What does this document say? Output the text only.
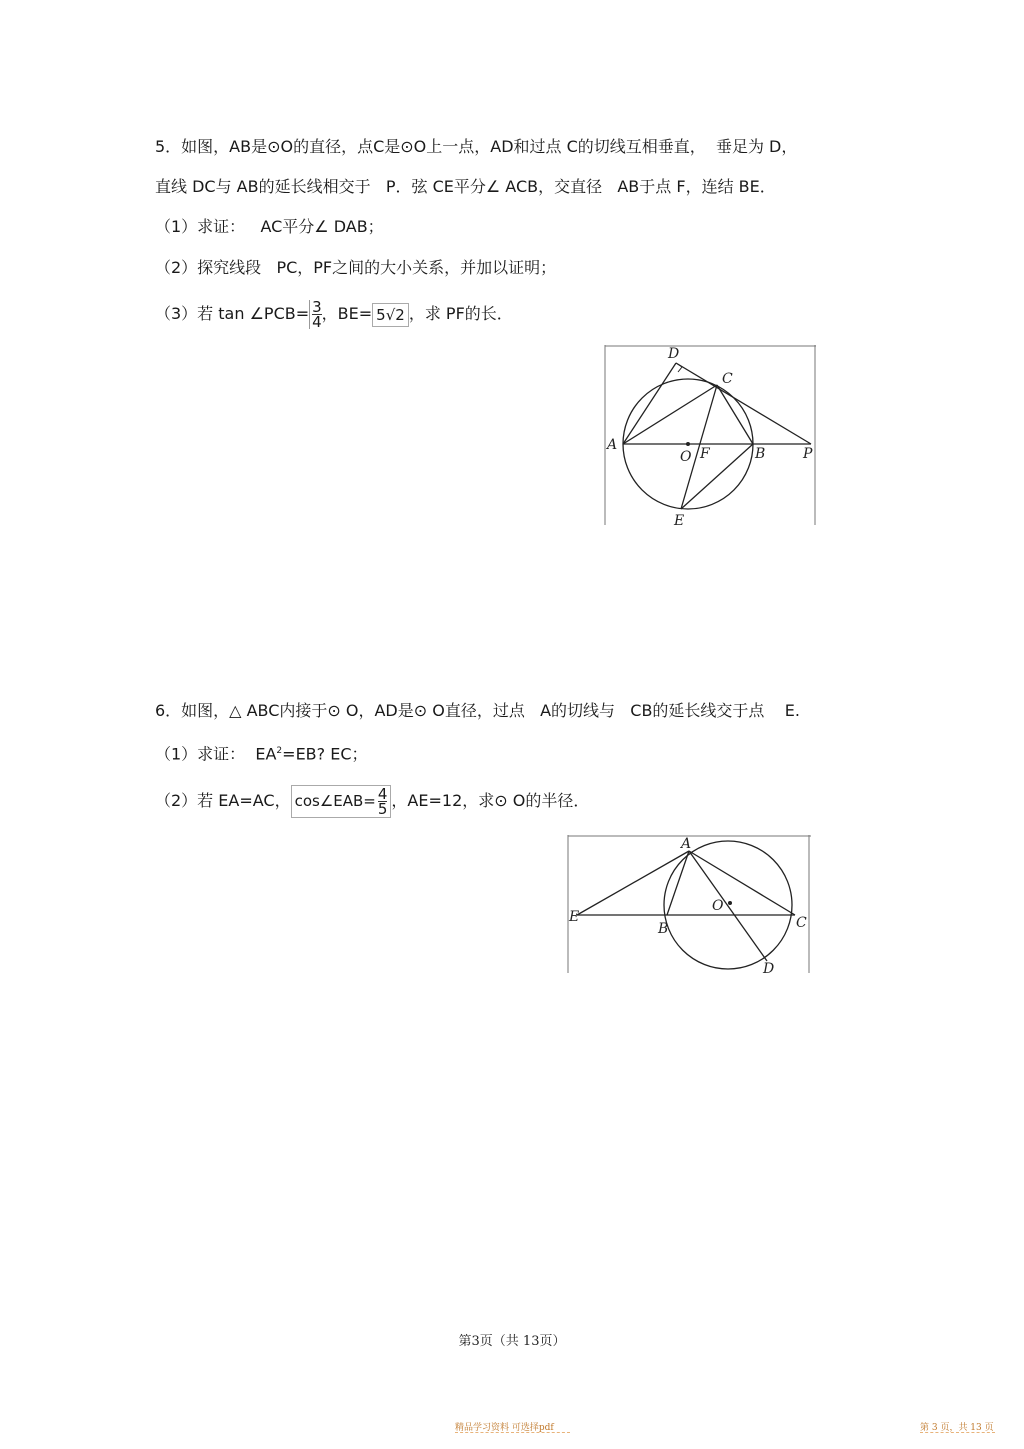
5．如图，AB是⊙O的直径，点C是⊙O上一点，AD和过点 C的切线互相垂直，  垂足为 D，
直线 DC与 AB的延长线相交于   P．弦 CE平分∠ ACB，交直径   AB于点 F，连结 BE．
（1）求证：   AC平分∠ DAB；
（2）探究线段   PC，PF之间的大小关系，并加以证明；
（3）若 tan ∠PCB= $\frac{3}{4}$ ，BE= 5√2 ，求 PF的长．
D
C
A
O F	B	P
E
6．如图，△ ABC内接于⊙ O，AD是⊙ O直径，过点   A的切线与   CB的延长线交于点    E.
（1）求证：  $EA^2=EB$? EC；
（2）若 EA=AC， cos∠EAB= $\frac{4}{5}$ ，AE=12，求⊙ O的半径．
A
E
O
B	C
D
第3页（共 13页）
精品学习资料 可选择pdf	第 3 页，共 13 页
